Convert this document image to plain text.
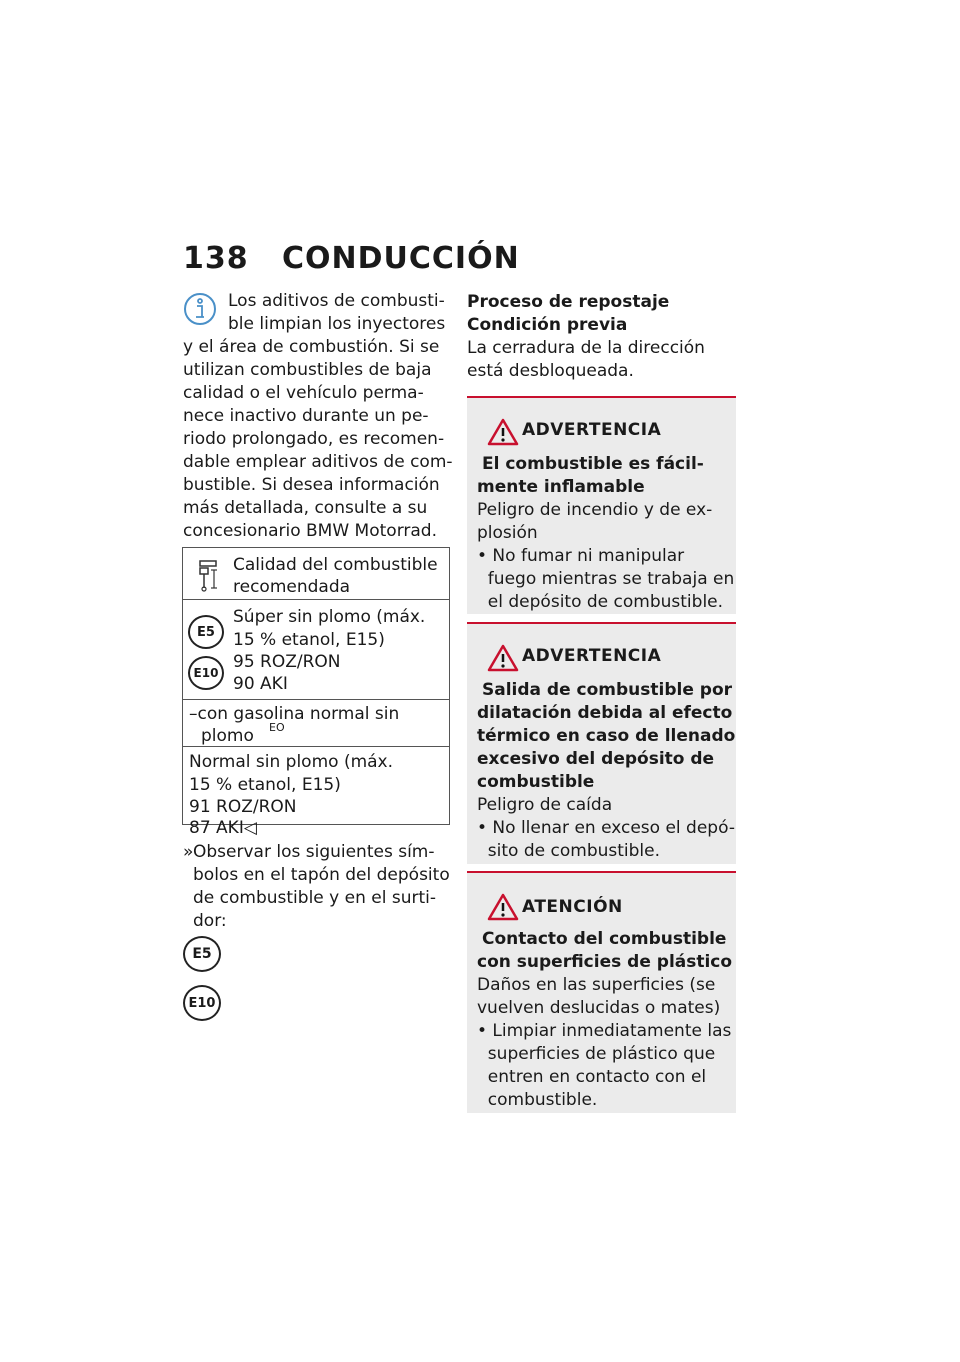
138 CONDUCCIÓN
Los aditivos de combusti-
ble limpian los inyectores
y el área de combustión. Si se
utilizan combustibles de baja
calidad o el vehículo perma-
nece inactivo durante un pe-
riodo prolongado, es recomen-
dable emplear aditivos de com-
bustible. Si desea información
más detallada, consulte a su
concesionario BMW Motorrad.
Calidad del combustible
recomendada
E5
E10
Súper sin plomo (máx.
15 % etanol, E15)
95 ROZ/RON
90 AKI
–con gasolina normal sin
plomo EO
Normal sin plomo (máx.
15 % etanol, E15)
91 ROZ/RON
87 AKI◁
» Observar los siguientes sím-
bolos en el tapón del depósito
de combustible y en el surti-
dor:
E5
E10
Proceso de repostaje
Condición previa
La cerradura de la dirección
está desbloqueada.
ADVERTENCIA
El combustible es fácil-
mente inflamable
Peligro de incendio y de ex-
plosión
• No fumar ni manipular
fuego mientras se trabaja en
el depósito de combustible.
ADVERTENCIA
Salida de combustible por
dilatación debida al efecto
térmico en caso de llenado
excesivo del depósito de
combustible
Peligro de caída
• No llenar en exceso el depó-
sito de combustible.
ATENCIÓN
Contacto del combustible
con superficies de plástico
Daños en las superficies (se
vuelven deslucidas o mates)
• Limpiar inmediatamente las
superficies de plástico que
entren en contacto con el
combustible.
